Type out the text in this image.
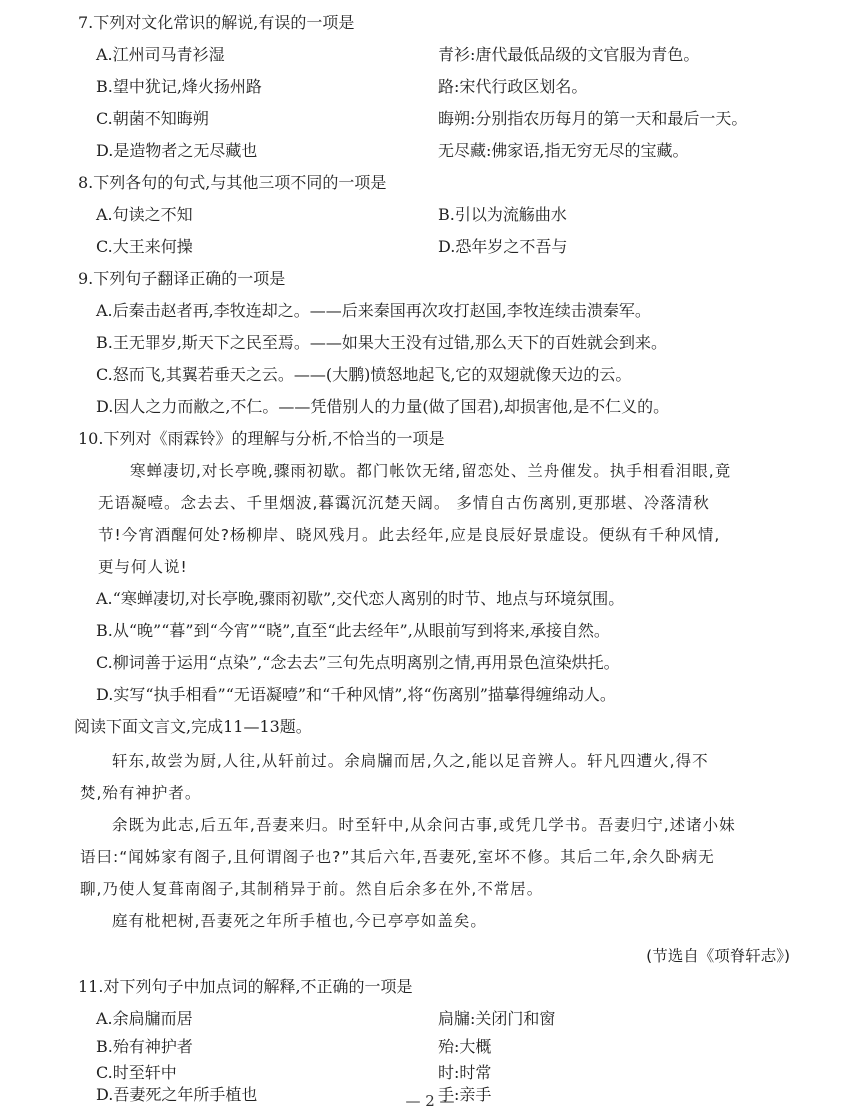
7.下列对文化常识的解说,有误的一项是
A.江州司马青衫湿	青衫:唐代最低品级的文官服为青色。
B.望中犹记,烽火扬州路	路:宋代行政区划名。
C.朝菌不知晦朔	晦朔:分别指农历每月的第一天和最后一天。
D.是造物者之无尽藏也	无尽藏:佛家语,指无穷无尽的宝藏。
8.下列各句的句式,与其他三项不同的一项是
A.句读之不知	B.引以为流觞曲水
C.大王来何操	D.恐年岁之不吾与
9.下列句子翻译正确的一项是
A.后秦击赵者再,李牧连却之。——后来秦国再次攻打赵国,李牧连续击溃秦军。
B.王无罪岁,斯天下之民至焉。——如果大王没有过错,那么天下的百姓就会到来。
C.怒而飞,其翼若垂天之云。——(大鹏)愤怒地起飞,它的双翅就像天边的云。
D.因人之力而敝之,不仁。——凭借别人的力量(做了国君),却损害他,是不仁义的。
10.下列对《雨霖铃》的理解与分析,不恰当的一项是
寒蝉凄切,对长亭晚,骤雨初歇。都门帐饮无绪,留恋处、兰舟催发。执手相看泪眼,竟
无语凝噎。念去去、千里烟波,暮霭沉沉楚天阔。 多情自古伤离别,更那堪、冷落清秋
节!今宵酒醒何处?杨柳岸、晓风残月。此去经年,应是良辰好景虚设。便纵有千种风情,
更与何人说!
A.“寒蝉凄切,对长亭晚,骤雨初歇”,交代恋人离别的时节、地点与环境氛围。
B.从“晚”“暮”到“今宵”“晓”,直至“此去经年”,从眼前写到将来,承接自然。
C.柳词善于运用“点染”,“念去去”三句先点明离别之情,再用景色渲染烘托。
D.实写“执手相看”“无语凝噎”和“千种风情”,将“伤离别”描摹得缠绵动人。
阅读下面文言文,完成11—13题。
轩东,故尝为厨,人往,从轩前过。余扃牖而居,久之,能以足音辨人。轩凡四遭火,得不
焚,殆有神护者。
余既为此志,后五年,吾妻来归。时至轩中,从余问古事,或凭几学书。吾妻归宁,述诸小妹
语曰:“闻姊家有阁子,且何谓阁子也?”其后六年,吾妻死,室坏不修。其后二年,余久卧病无
聊,乃使人复葺南阁子,其制稍异于前。然自后余多在外,不常居。
庭有枇杷树,吾妻死之年所手植也,今已亭亭如盖矣。
(节选自《项脊轩志》)
11.对下列句子中加点词的解释,不正确的一项是
A.余扃牖而居	扃牖:关闭门和窗
B.殆有神护者	殆:大概
C.时至轩中	时:时常
D.吾妻死之年所手植也	手:亲手
— 2 —
